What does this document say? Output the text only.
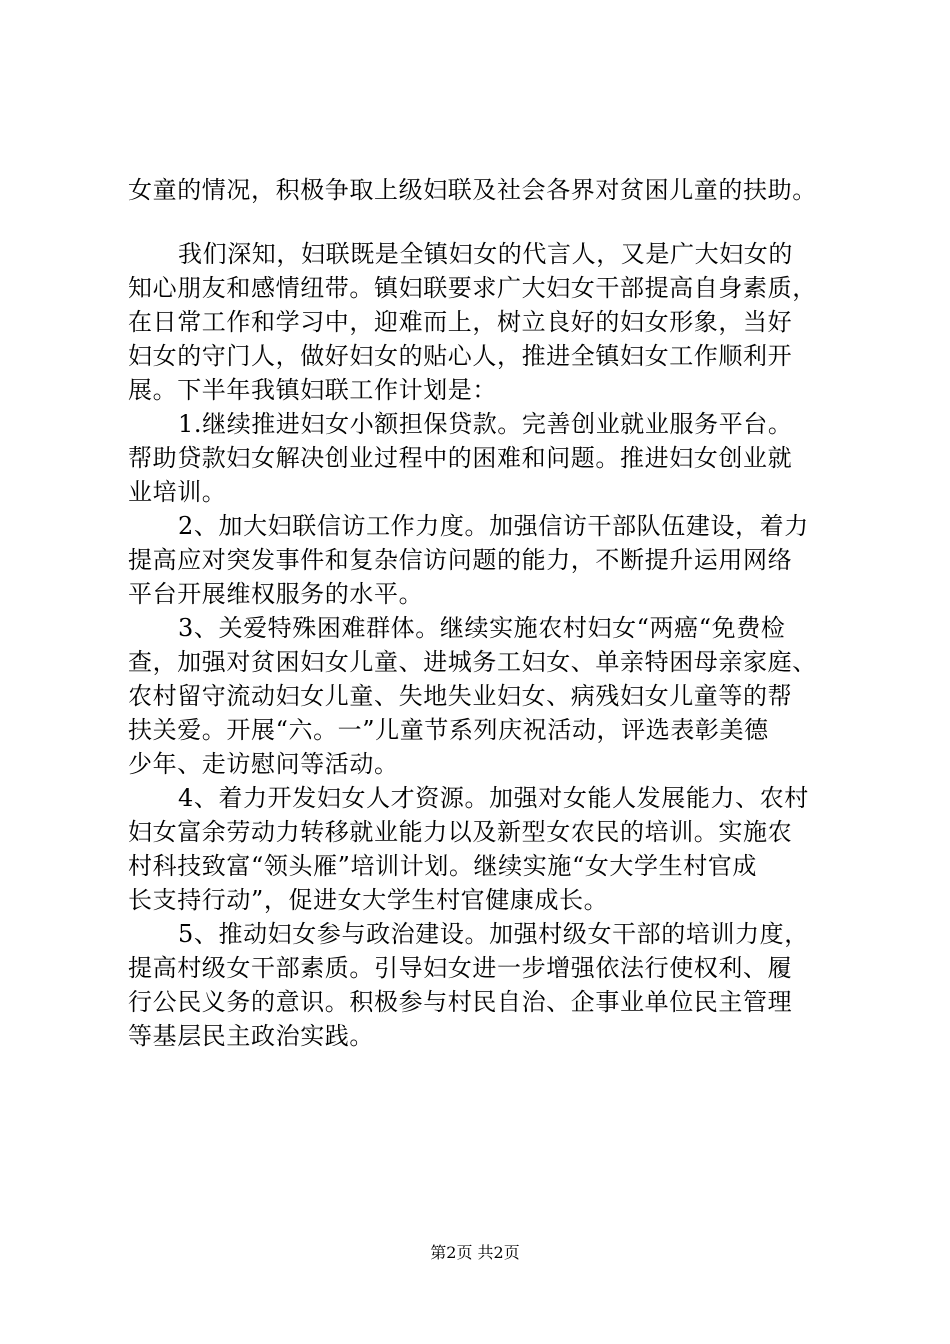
女童的情况，积极争取上级妇联及社会各界对贫困儿童的扶助。
我们深知，妇联既是全镇妇女的代言人，又是广大妇女的
知心朋友和感情纽带。镇妇联要求广大妇女干部提高自身素质，
在日常工作和学习中，迎难而上，树立良好的妇女形象，当好
妇女的守门人，做好妇女的贴心人，推进全镇妇女工作顺利开
展。下半年我镇妇联工作计划是：
1.继续推进妇女小额担保贷款。完善创业就业服务平台。
帮助贷款妇女解决创业过程中的困难和问题。推进妇女创业就
业培训。
2、加大妇联信访工作力度。加强信访干部队伍建设，着力
提高应对突发事件和复杂信访问题的能力，不断提升运用网络
平台开展维权服务的水平。
3、关爱特殊困难群体。继续实施农村妇女“两癌“免费检
查，加强对贫困妇女儿童、进城务工妇女、单亲特困母亲家庭、
农村留守流动妇女儿童、失地失业妇女、病残妇女儿童等的帮
扶关爱。开展“六。一”儿童节系列庆祝活动，评选表彰美德
少年、走访慰问等活动。
4、着力开发妇女人才资源。加强对女能人发展能力、农村
妇女富余劳动力转移就业能力以及新型女农民的培训。实施农
村科技致富“领头雁”培训计划。继续实施“女大学生村官成
长支持行动”，促进女大学生村官健康成长。
5、推动妇女参与政治建设。加强村级女干部的培训力度，
提高村级女干部素质。引导妇女进一步增强依法行使权利、履
行公民义务的意识。积极参与村民自治、企事业单位民主管理
等基层民主政治实践。
第2页 共2页
